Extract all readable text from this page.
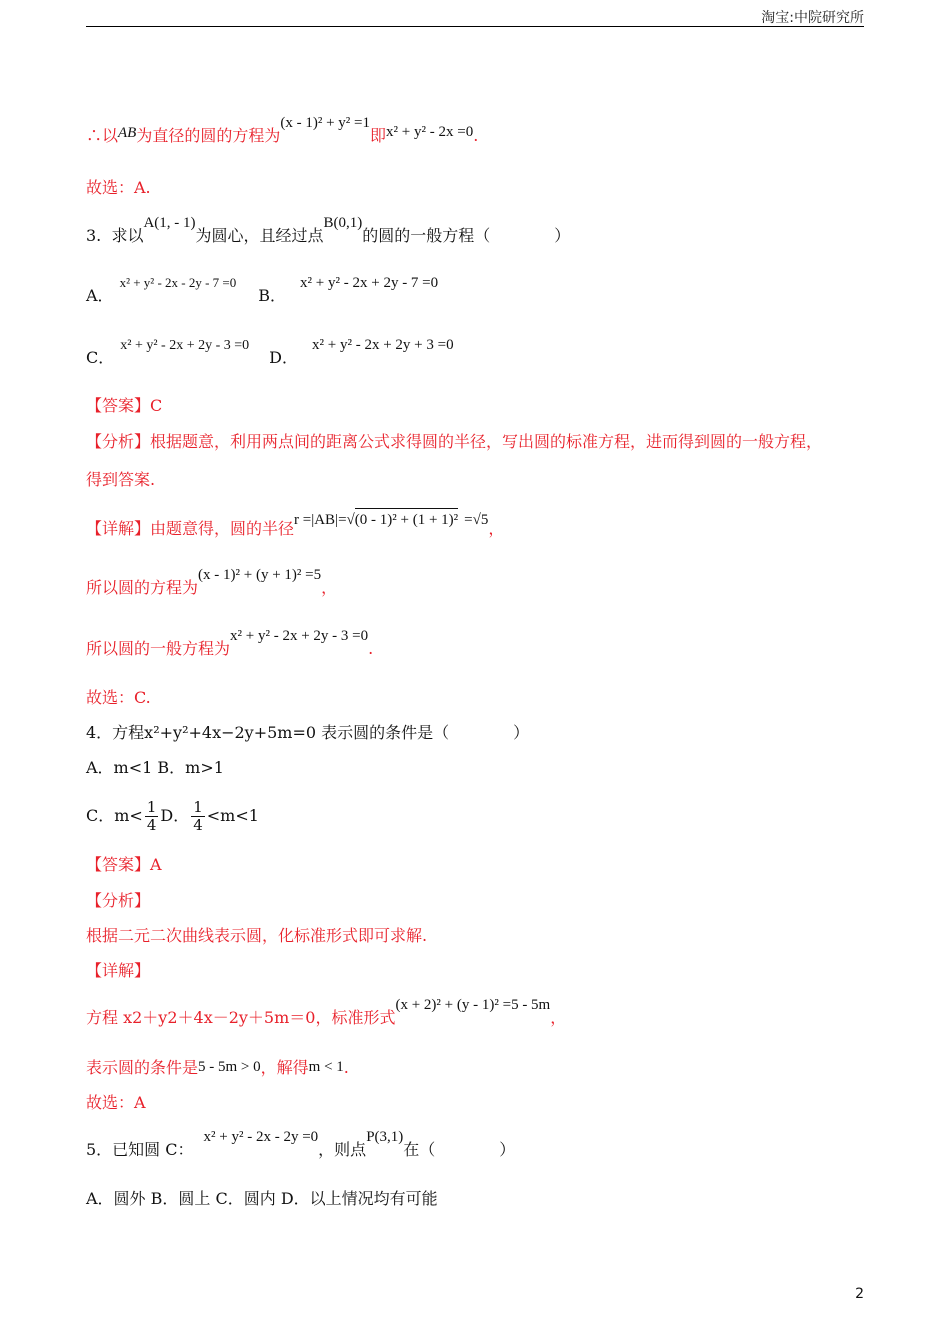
淘宝:中院研究所
∴以AB为直径的圆的方程为(x - 1)² + y² =1即x² + y² - 2x =0.
故选：A.
3. 求以A(1, - 1)为圆心，且经过点B(0,1)的圆的一般方程（　　　　）
A．x² + y² - 2x - 2y - 7 =0B．x² + y² - 2x + 2y - 7 =0
C．x² + y² - 2x + 2y - 3 =0D．x² + y² - 2x + 2y + 3 =0
【答案】C
【分析】根据题意，利用两点间的距离公式求得圆的半径，写出圆的标准方程，进而得到圆的一般方程，
得到答案.
【详解】由题意得，圆的半径r =|AB|=√(0 - 1)² + (1 + 1)² =√5，
所以圆的方程为(x - 1)² + (y + 1)² =5，
所以圆的一般方程为x² + y² - 2x + 2y - 3 =0.
故选：C.
4．方程x²+y²+4x−2y+5m=0 表示圆的条件是（　　　　）
A．m<1 B．m>1
C．$m< \frac{1}{4}$ D． $\frac{1}{4} <m<1$
【答案】A
【分析】
根据二元二次曲线表示圆，化标准形式即可求解.
【详解】
方程 x2＋y2＋4x－2y＋5m＝0，标准形式(x + 2)² + (y - 1)² =5 - 5m，
表示圆的条件是5 - 5m > 0，解得m < 1.
故选：A
5．已知圆 C：x² + y² - 2x - 2y =0，则点P(3,1)在（　　　　）
A．圆外 B．圆上 C．圆内 D．以上情况均有可能
2
